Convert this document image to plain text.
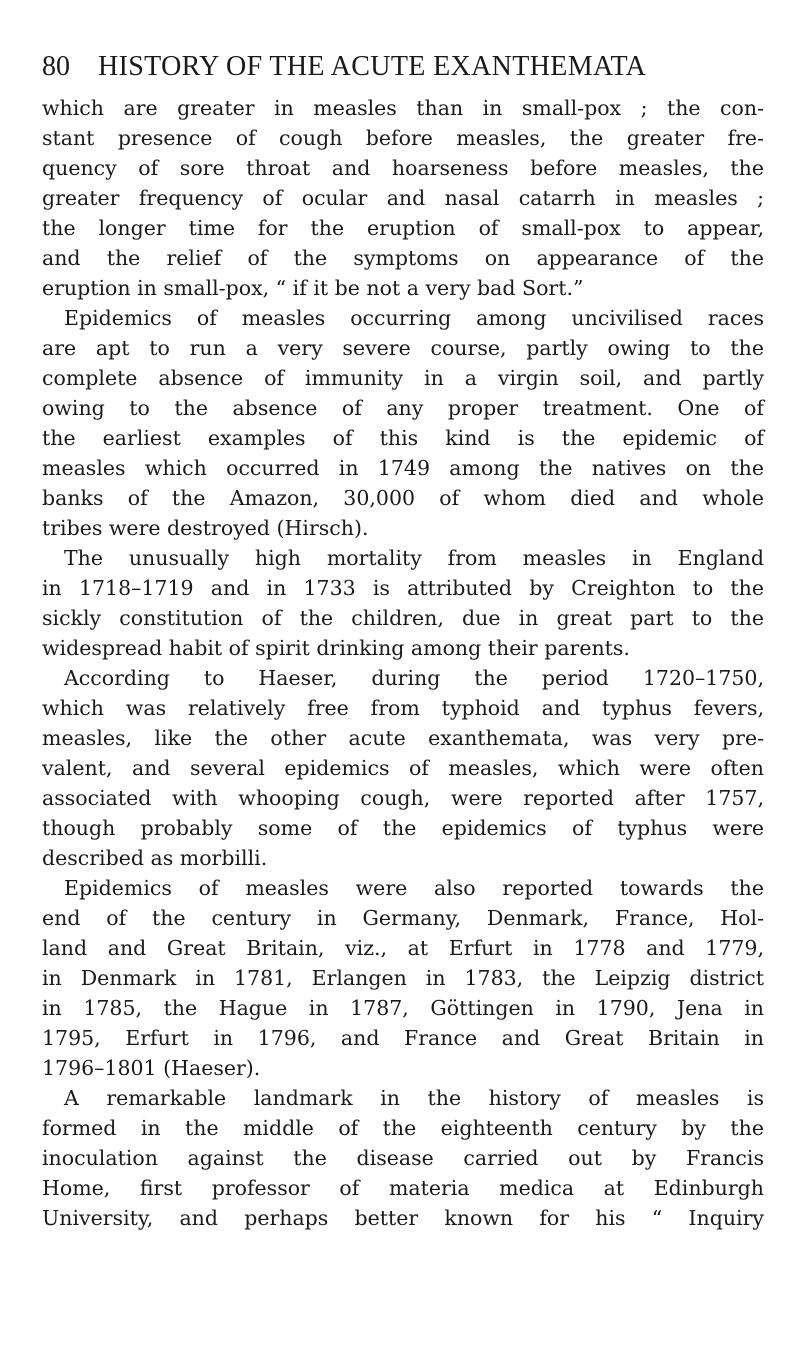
80 HISTORY OF THE ACUTE EXANTHEMATA

which are greater in measles than in small-pox ; the con-
stant presence of cough before measles, the greater fre-
quency of sore throat and hoarseness before measles, the
greater frequency of ocular and nasal catarrh in measles ;
the longer time for the eruption of small-pox to appear,
and the relief of the symptoms on appearance of the
eruption in small-pox, “ if it be not a very bad Sort.”

Epidemics of measles occurring among uncivilised races
are apt to run a very severe course, partly owing to the
complete absence of immunity in a virgin soil, and partly
owing to the absence of any proper treatment. One of
the earliest examples of this kind is the epidemic of
measles which occurred in 1749 among the natives on the
banks of the Amazon, 30,000 of whom died and whole
tribes were destroyed (Hirsch).

The unusually high mortality from measles in England
in 1718–1719 and in 1733 is attributed by Creighton to the
sickly constitution of the children, due in great part to the
widespread habit of spirit drinking among their parents.

According to Haeser, during the period 1720–1750,
which was relatively free from typhoid and typhus fevers,
measles, like the other acute exanthemata, was very pre-
valent, and several epidemics of measles, which were often
associated with whooping cough, were reported after 1757,
though probably some of the epidemics of typhus were
described as morbilli.

Epidemics of measles were also reported towards the
end of the century in Germany, Denmark, France, Hol-
land and Great Britain, viz., at Erfurt in 1778 and 1779,
in Denmark in 1781, Erlangen in 1783, the Leipzig district
in 1785, the Hague in 1787, Göttingen in 1790, Jena in
1795, Erfurt in 1796, and France and Great Britain in
1796–1801 (Haeser).

A remarkable landmark in the history of measles is
formed in the middle of the eighteenth century by the
inoculation against the disease carried out by Francis
Home, first professor of materia medica at Edinburgh
University, and perhaps better known for his “ Inquiry
